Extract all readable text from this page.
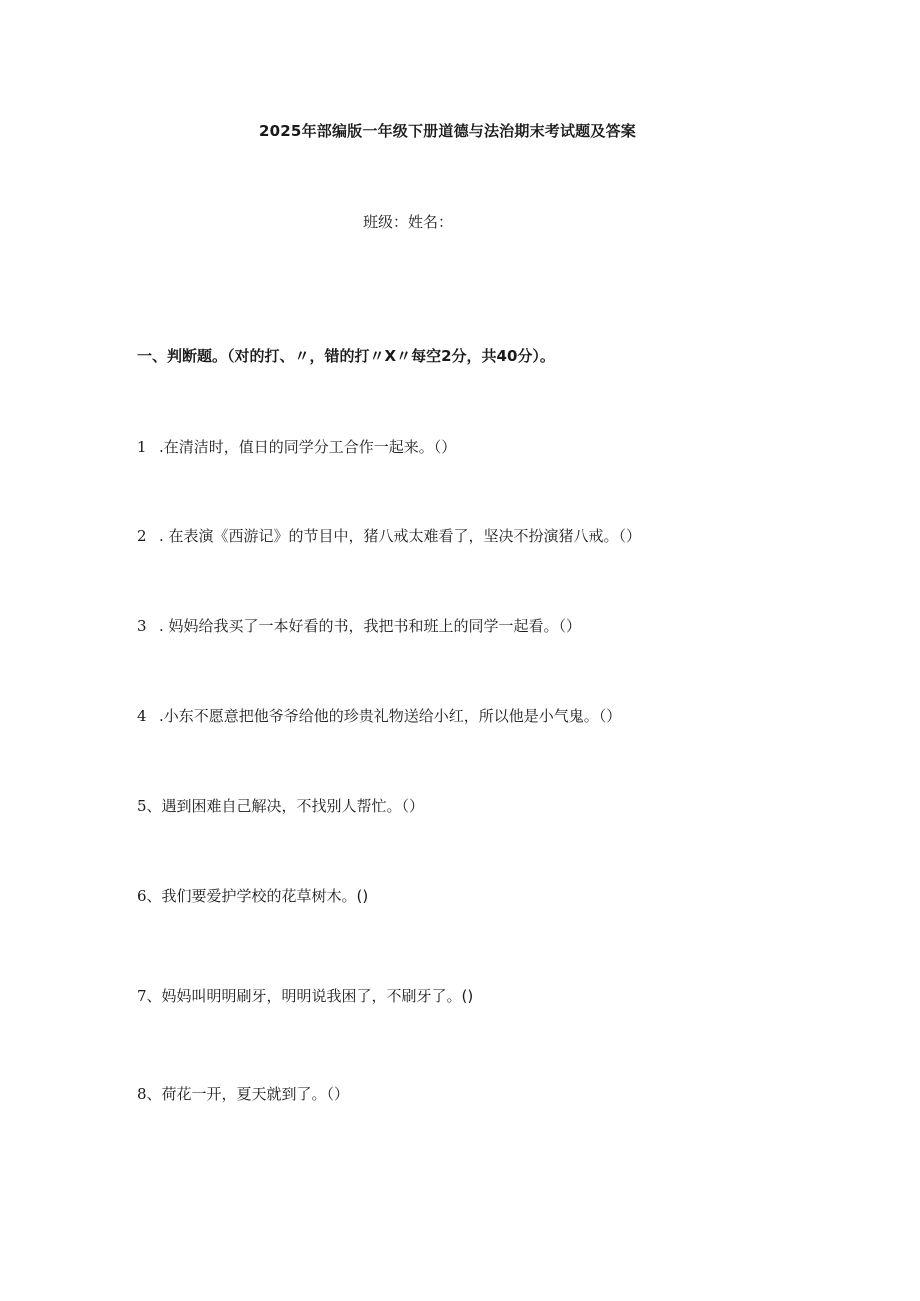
2025年部编版一年级下册道德与法治期末考试题及答案
班级：姓名：
一、判断题。（对的打、〃，错的打〃X〃每空2分，共40分）。
1 .在清洁时，值日的同学分工合作一起来。（）
2 . 在表演《西游记》的节目中，猪八戒太难看了，坚决不扮演猪八戒。（）
3 . 妈妈给我买了一本好看的书，我把书和班上的同学一起看。（）
4 .小东不愿意把他爷爷给他的珍贵礼物送给小红，所以他是小气鬼。（）
5、遇到困难自己解决，不找别人帮忙。（）
6、我们要爱护学校的花草树木。()
7、妈妈叫明明刷牙，明明说我困了，不刷牙了。()
8、荷花一开，夏天就到了。（）
